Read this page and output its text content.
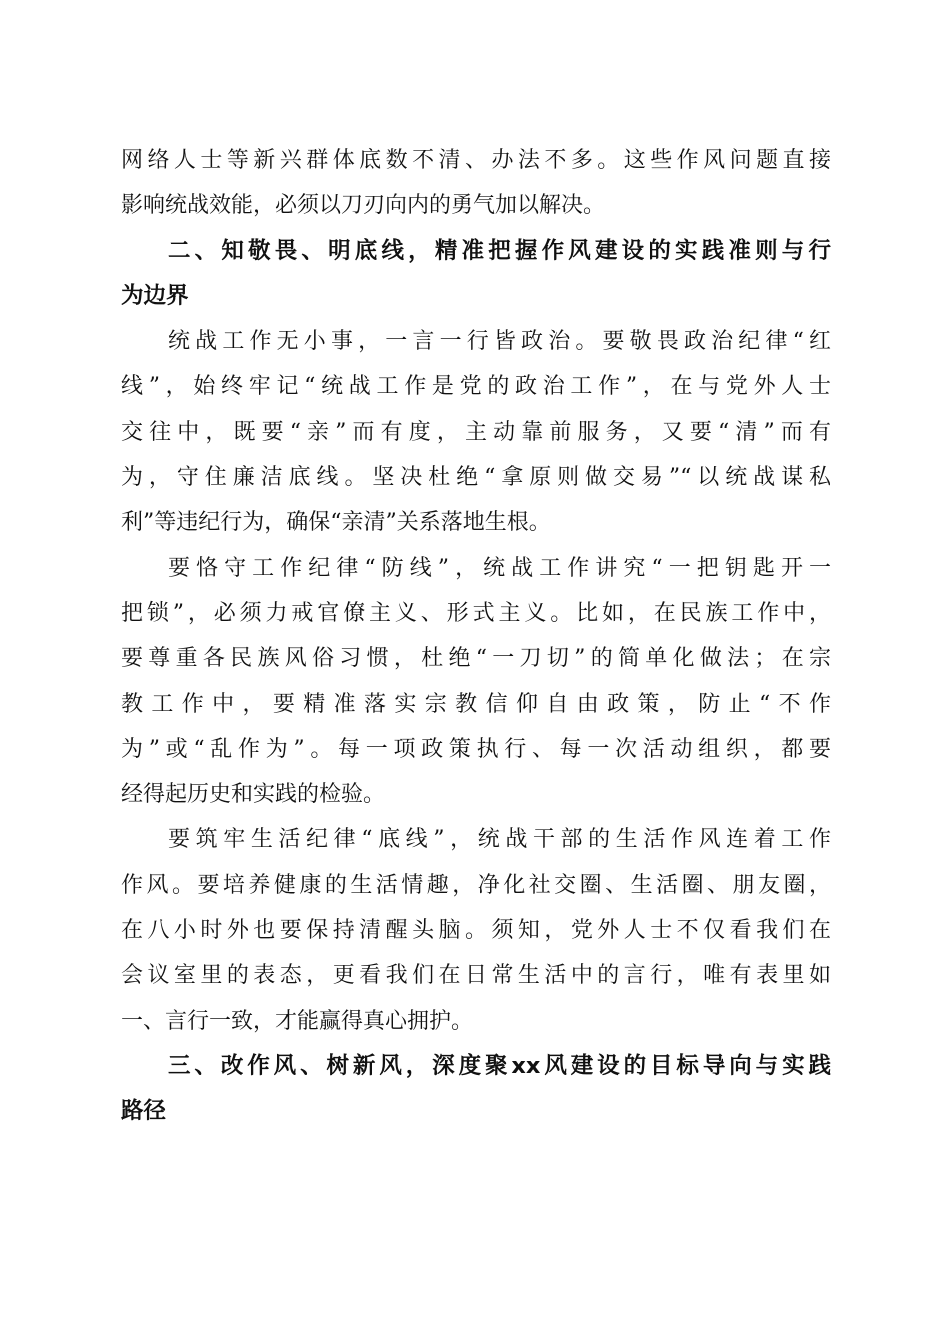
网络人士等新兴群体底数不清、办法不多。这些作风问题直接
影响统战效能，必须以刀刃向内的勇气加以解决。
二、知敬畏、明底线，精准把握作风建设的实践准则与行
为边界
统战工作无小事，一言一行皆政治。要敬畏政治纪律“红
线”，始终牢记“统战工作是党的政治工作”，在与党外人士
交往中，既要“亲”而有度，主动靠前服务，又要“清”而有
为，守住廉洁底线。坚决杜绝“拿原则做交易”“以统战谋私
利”等违纪行为，确保“亲清”关系落地生根。
要恪守工作纪律“防线”，统战工作讲究“一把钥匙开一
把锁”，必须力戒官僚主义、形式主义。比如，在民族工作中，
要尊重各民族风俗习惯，杜绝“一刀切”的简单化做法；在宗
教工作中，要精准落实宗教信仰自由政策，防止“不作
为”或“乱作为”。每一项政策执行、每一次活动组织，都要
经得起历史和实践的检验。
要筑牢生活纪律“底线”，统战干部的生活作风连着工作
作风。要培养健康的生活情趣，净化社交圈、生活圈、朋友圈，
在八小时外也要保持清醒头脑。须知，党外人士不仅看我们在
会议室里的表态，更看我们在日常生活中的言行，唯有表里如
一、言行一致，才能赢得真心拥护。
三、改作风、树新风，深度聚xx风建设的目标导向与实践
路径
